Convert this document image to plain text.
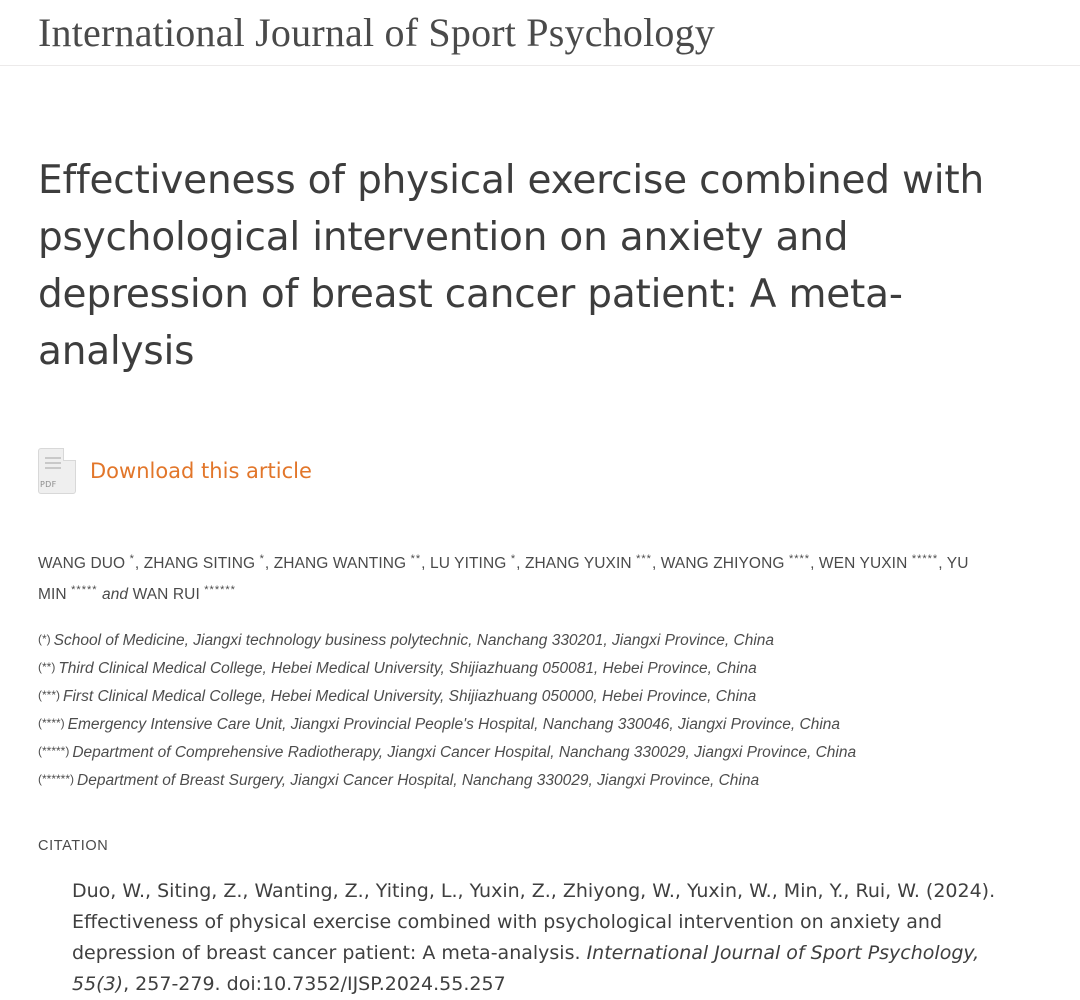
International Journal of Sport Psychology
Effectiveness of physical exercise combined with psychological intervention on anxiety and depression of breast cancer patient: A meta-analysis
PDF
Download this article
WANG DUO *, ZHANG SITING *, ZHANG WANTING **, LU YITING *, ZHANG YUXIN ***, WANG ZHIYONG ****, WEN YUXIN *****, YU MIN ***** and WAN RUI ******
(*) School of Medicine, Jiangxi technology business polytechnic, Nanchang 330201, Jiangxi Province, China
(**) Third Clinical Medical College, Hebei Medical University, Shijiazhuang 050081, Hebei Province, China
(***) First Clinical Medical College, Hebei Medical University, Shijiazhuang 050000, Hebei Province, China
(****) Emergency Intensive Care Unit, Jiangxi Provincial People's Hospital, Nanchang 330046, Jiangxi Province, China
(*****) Department of Comprehensive Radiotherapy, Jiangxi Cancer Hospital, Nanchang 330029, Jiangxi Province, China
(******) Department of Breast Surgery, Jiangxi Cancer Hospital, Nanchang 330029, Jiangxi Province, China
CITATION
Duo, W., Siting, Z., Wanting, Z., Yiting, L., Yuxin, Z., Zhiyong, W., Yuxin, W., Min, Y., Rui, W. (2024). Effectiveness of physical exercise combined with psychological intervention on anxiety and depression of breast cancer patient: A meta-analysis. International Journal of Sport Psychology, 55(3), 257-279. doi:10.7352/IJSP.2024.55.257
